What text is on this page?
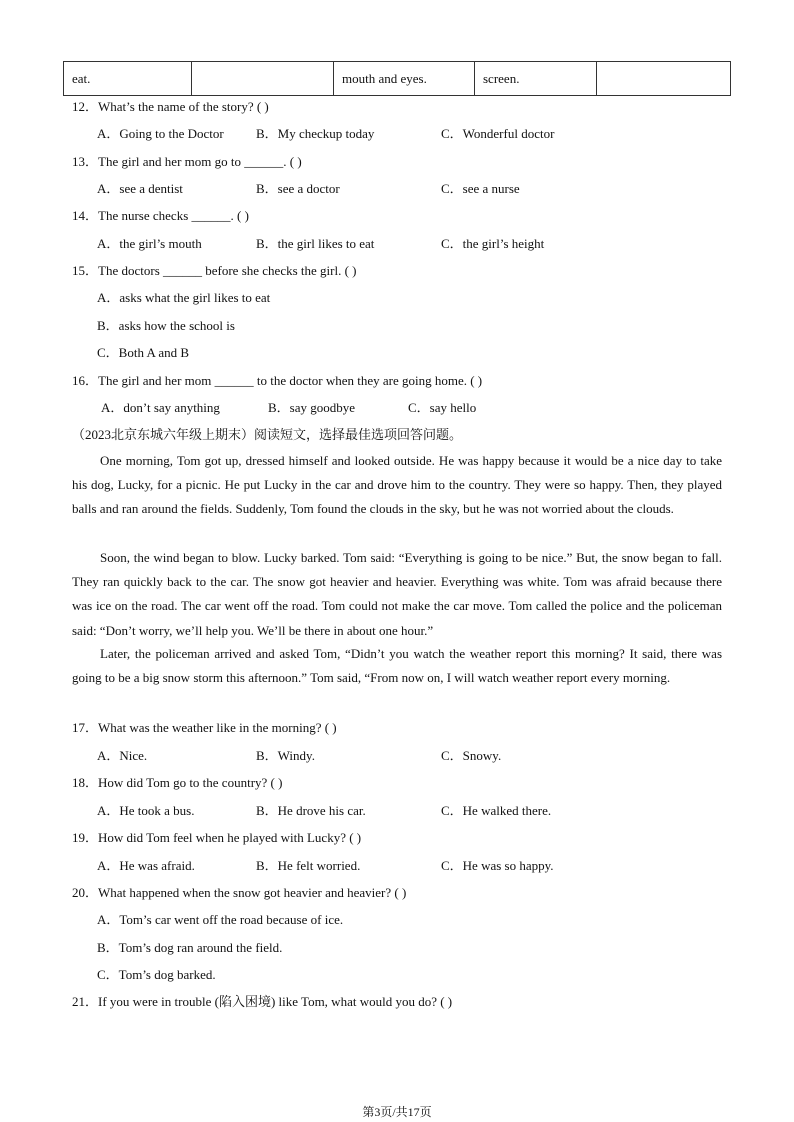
eat.		mouth and eyes.	screen.	
12．What’s the name of the story? ( )
A．Going to the Doctor B．My checkup today	C．Wonderful doctor
13．The girl and her mom go to ______. ( )
A．see a dentist	B．see a doctor	C．see a nurse
14．The nurse checks ______. ( )
A．the girl’s mouth	B．the girl likes to eat	C．the girl’s height
15．The doctors ______ before she checks the girl. ( )
A．asks what the girl likes to eat
B．asks how the school is
C．Both A and B
16．The girl and her mom ______ to the doctor when they are going home. ( )
A．don’t say anything	B．say goodbye	C．say hello
（2023北京东城六年级上期末）阅读短文，选择最佳选项回答问题。
One morning, Tom got up, dressed himself and looked outside. He was happy because it would be a nice day to take his dog, Lucky, for a picnic. He put Lucky in the car and drove him to the country. They were so happy. Then, they played balls and ran around the fields. Suddenly, Tom found the clouds in the sky, but he was not worried about the clouds.
Soon, the wind began to blow. Lucky barked. Tom said: “Everything is going to be nice.” But, the snow began to fall. They ran quickly back to the car. The snow got heavier and heavier. Everything was white. Tom was afraid because there was ice on the road. The car went off the road. Tom could not make the car move. Tom called the police and the policeman said: “Don’t worry, we’ll help you. We’ll be there in about one hour.”
Later, the policeman arrived and asked Tom, “Didn’t you watch the weather report this morning? It said, there was going to be a big snow storm this afternoon.” Tom said, “From now on, I will watch weather report every morning.
17．What was the weather like in the morning? ( )
A．Nice.	B．Windy.	C．Snowy.
18．How did Tom go to the country? ( )
A．He took a bus.	B．He drove his car.	C．He walked there.
19．How did Tom feel when he played with Lucky? ( )
A．He was afraid.	B．He felt worried.	C．He was so happy.
20．What happened when the snow got heavier and heavier? ( )
A．Tom’s car went off the road because of ice.
B．Tom’s dog ran around the field.
C．Tom’s dog barked.
21．If you were in trouble (陷入困境) like Tom, what would you do? ( )
第3页/共17页
